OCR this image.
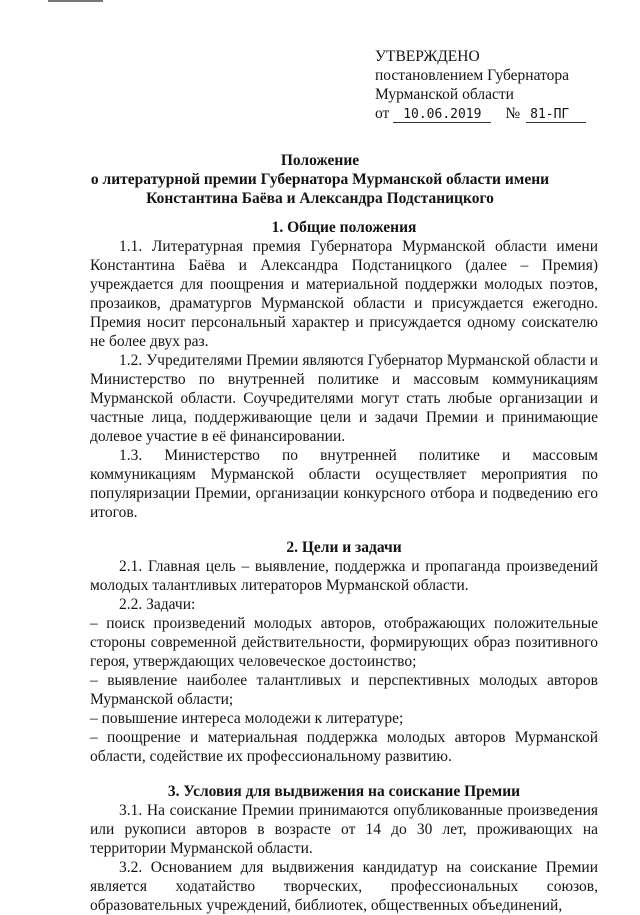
УТВЕРЖДЕНО
постановлением Губернатора
Мурманской области
от	10.06.2019	№ 81-ПГ
Положение
о литературной премии Губернатора Мурманской области имени
Константина Баёва и Александра Подстаницкого
1. Общие положения

1.1. Литературная премия Губернатора Мурманской области имени Константина Баёва и Александра Подстаницкого (далее – Премия) учреждается для поощрения и материальной поддержки молодых поэтов, прозаиков, драматургов Мурманской области и присуждается ежегодно. Премия носит персональный характер и присуждается одному соискателю не более двух раз.

1.2. Учредителями Премии являются Губернатор Мурманской области и Министерство по внутренней политике и массовым коммуникациям Мурманской области. Соучредителями могут стать любые организации и частные лица, поддерживающие цели и задачи Премии и принимающие долевое участие в её финансировании.

1.3. Министерство по внутренней политике и массовым коммуникациям Мурманской области осуществляет мероприятия по популяризации Премии, организации конкурсного отбора и подведению его итогов.

2. Цели и задачи

2.1. Главная цель – выявление, поддержка и пропаганда произведений молодых талантливых литераторов Мурманской области.

2.2. Задачи:

– поиск произведений молодых авторов, отображающих положительные стороны современной действительности, формирующих образ позитивного героя, утверждающих человеческое достоинство;

– выявление наиболее талантливых и перспективных молодых авторов Мурманской области;

– повышение интереса молодежи к литературе;

– поощрение и материальная поддержка молодых авторов Мурманской области, содействие их профессиональному развитию.

3. Условия для выдвижения на соискание Премии

3.1. На соискание Премии принимаются опубликованные произведения или рукописи авторов в возрасте от 14 до 30 лет, проживающих на территории Мурманской области.

3.2. Основанием для выдвижения кандидатур на соискание Премии является ходатайство творческих, профессиональных союзов, образовательных учреждений, библиотек, общественных объединений,
